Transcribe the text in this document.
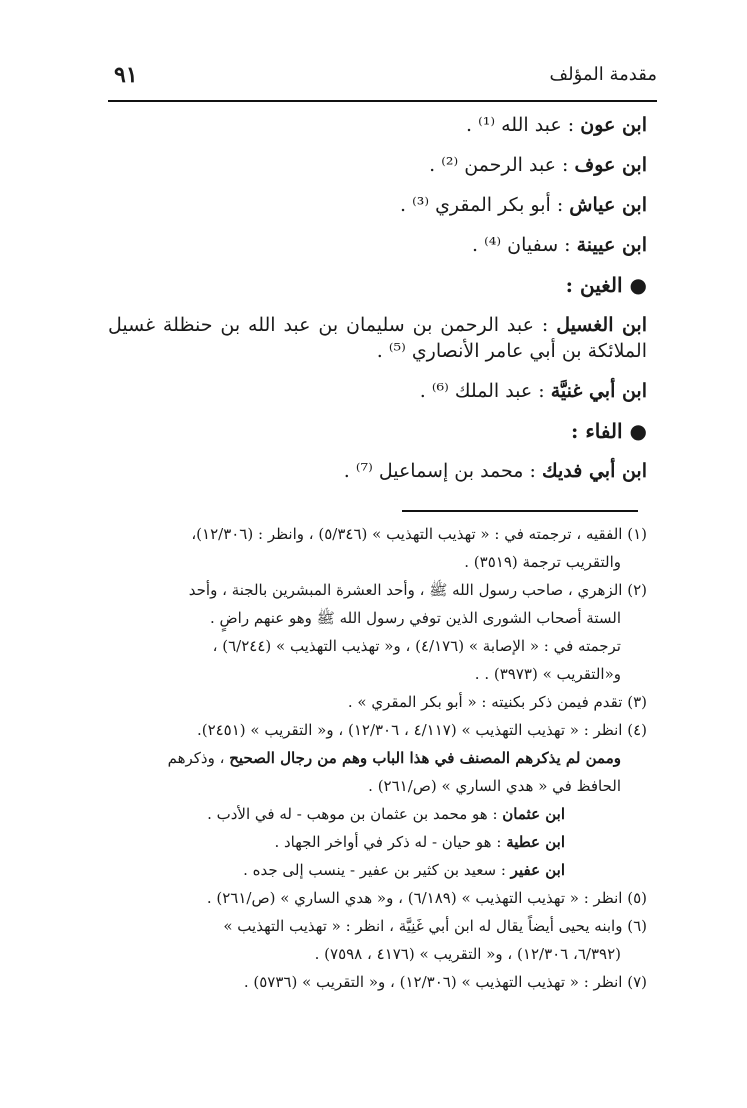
مقدمة المؤلف
٩١
ابن عون : عبد الله ⁽¹⁾ .
ابن عوف : عبد الرحمن ⁽²⁾ .
ابن عياش : أبو بكر المقري ⁽³⁾ .
ابن عيينة : سفيان ⁽⁴⁾ .
● الغين :
ابن الغسيل : عبد الرحمن بن سليمان بن عبد الله بن حنظلة غسيل الملائكة بن أبي عامر الأنصاري ⁽⁵⁾ .
ابن أبي غنيَّة : عبد الملك ⁽⁶⁾ .
● الفاء :
ابن أبي فديك : محمد بن إسماعيل ⁽⁷⁾ .

(١) الفقيه ، ترجمته في : « تهذيب التهذيب » (٥/٣٤٦) ، وانظر : (١٢/٣٠٦)،

والتقريب ترجمة (٣٥١٩) .

(٢) الزهري ، صاحب رسول الله ﷺ ، وأحد العشرة المبشرين بالجنة ، وأحد

الستة أصحاب الشورى الذين توفي رسول الله ﷺ وهو عنهم راضٍ .

ترجمته في : « الإصابة » (٤/١٧٦) ، و« تهذيب التهذيب » (٦/٢٤٤) ،

و«التقريب » (٣٩٧٣) . .

(٣) تقدم فيمن ذكر بكنيته : « أبو بكر المقري » .

(٤) انظر : « تهذيب التهذيب » (٤/١١٧ ، ١٢/٣٠٦) ، و« التقريب » (٢٤٥١).

وممن لم يذكرهم المصنف في هذا الباب وهم من رجال الصحيح ، وذكرهم

الحافظ في « هدي الساري » (ص/٢٦١) .

ابن عثمان : هو محمد بن عثمان بن موهب - له في الأدب .

ابن عطية : هو حيان - له ذكر في أواخر الجهاد .

ابن عفير : سعيد بن كثير بن عفير - ينسب إلى جده .

(٥) انظر : « تهذيب التهذيب » (٦/١٨٩) ، و« هدي الساري » (ص/٢٦١) .

(٦) وابنه يحيى أيضاً يقال له ابن أبي غَنِيَّة ، انظر : « تهذيب التهذيب »

(٦/٣٩٢، ١٢/٣٠٦) ، و« التقريب » (٤١٧٦ ، ٧٥٩٨) .

(٧) انظر : « تهذيب التهذيب » (١٢/٣٠٦) ، و« التقريب » (٥٧٣٦) .
